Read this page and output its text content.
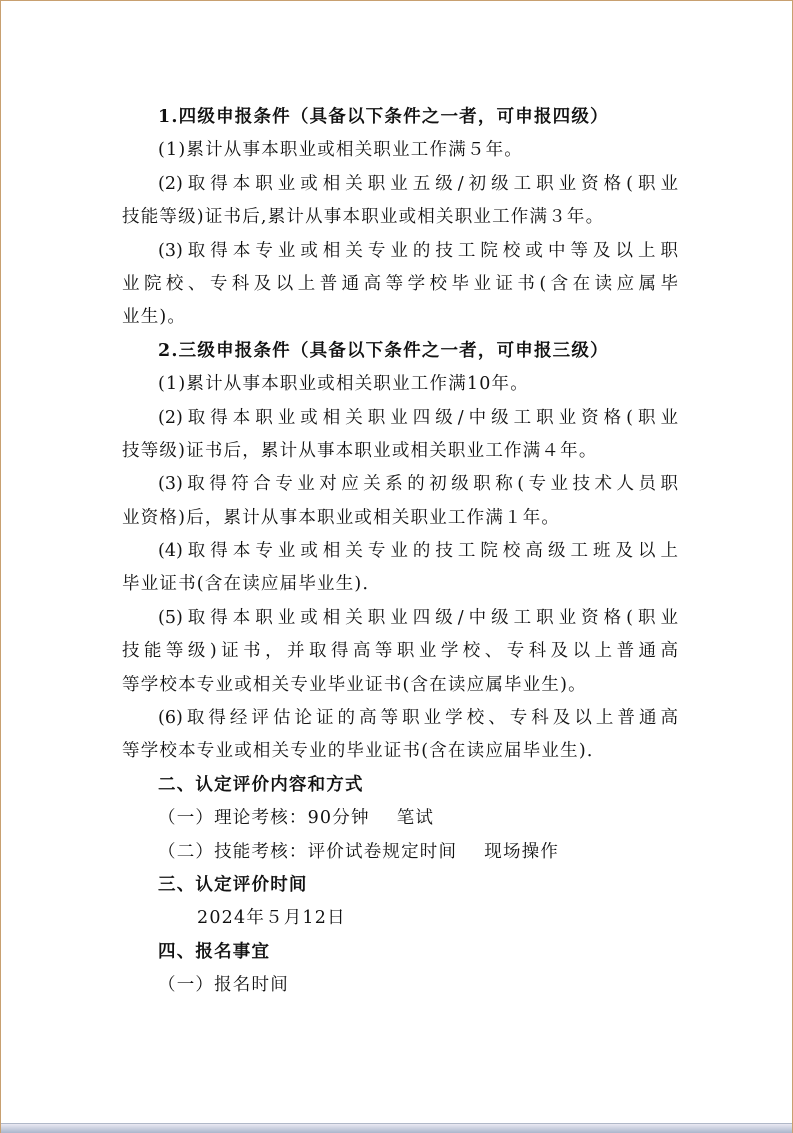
1.四级申报条件（具备以下条件之一者，可申报四级）
(1)累计从事本职业或相关职业工作满５年。
(2)取得本职业或相关职业五级/初级工职业资格(职业
技能等级)证书后,累计从事本职业或相关职业工作满３年。
(3)取得本专业或相关专业的技工院校或中等及以上职
业院校、专科及以上普通高等学校毕业证书(含在读应属毕
业生)。
2.三级申报条件（具备以下条件之一者，可申报三级）
(1)累计从事本职业或相关职业工作满10年。
(2)取得本职业或相关职业四级/中级工职业资格(职业
技等级)证书后，累计从事本职业或相关职业工作满４年。
(3)取得符合专业对应关系的初级职称(专业技术人员职
业资格)后，累计从事本职业或相关职业工作满１年。
(4)取得本专业或相关专业的技工院校高级工班及以上
毕业证书(含在读应届毕业生)．
(5)取得本职业或相关职业四级/中级工职业资格(职业
技能等级)证书，并取得高等职业学校、专科及以上普通高
等学校本专业或相关专业毕业证书(含在读应属毕业生)。
(6)取得经评估论证的高等职业学校、专科及以上普通高
等学校本专业或相关专业的毕业证书(含在读应届毕业生)．
二、认定评价内容和方式
（一）理论考核：90分钟    笔试
（二）技能考核：评价试卷规定时间    现场操作
三、认定评价时间
2024年５月12日
四、报名事宜
（一）报名时间
